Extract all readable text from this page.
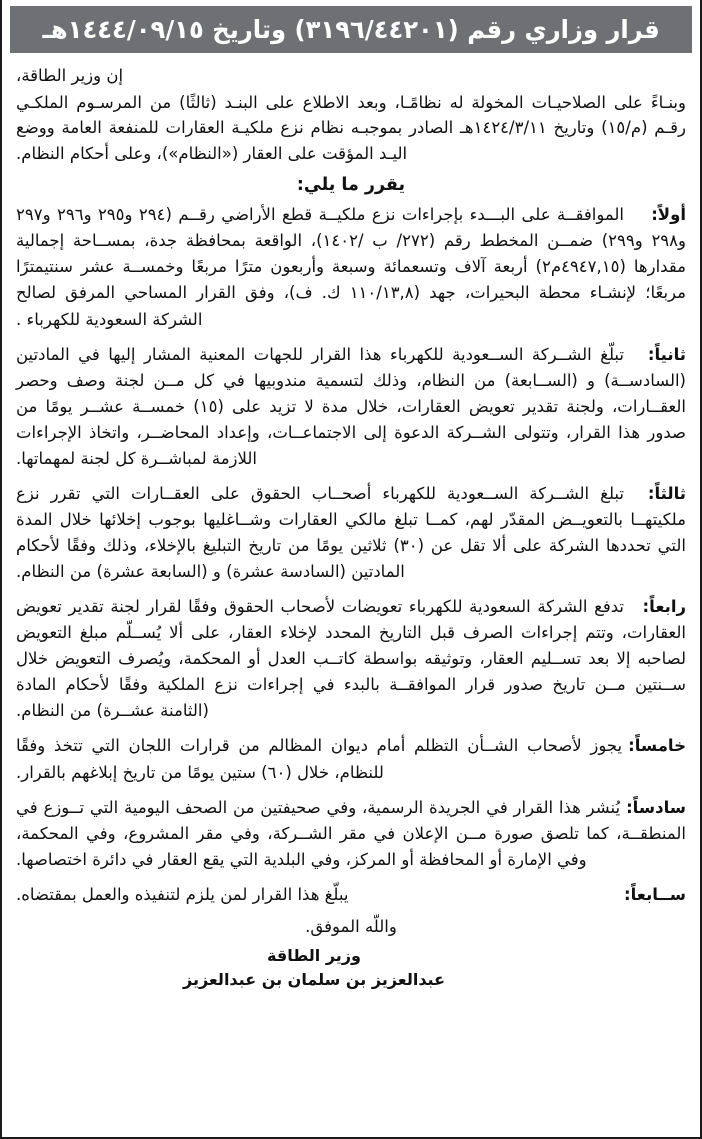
قرار وزاري رقم (٣١٩٦/٤٤٢٠١) وتاريخ ١٤٤٤/٠٩/١٥هـ

إن وزير الطاقة،

وبنـاءً على الصلاحيـات المخولة له نظامًـا، وبعد الاطلاع على البنـد (ثالثًا) من المرسـوم الملكـي رقـم (م/١٥) وتاريخ ١٤٢٤/٣/١١هـ الصادر بموجبـه نظام نزع ملكيـة العقارات للمنفعة العامة ووضع اليـد المؤقت على العقار («النظام»)، وعلى أحكام النظام.

يقرر ما يلي:
أولاً:
الموافقــة على البـــدء بإجراءات نزع ملكيــة قطع الأراضي رقــم (٢٩٤ و٢٩٥ و٢٩٦ و٢٩٧ و٢٩٨ و٢٩٩) ضمــن المخطط رقم (٢٧٢/ ب /١٤٠٢)، الواقعة بمحافظة جدة، بمســاحة إجمالية مقدارها (٤٩٤٧,١٥م٢) أربعة آلاف وتسعمائة وسبعة وأربعون مترًا مربعًا وخمســة عشر سنتيمترًا مربعًا؛ لإنشـاء محطة البحيرات، جهد (١١٠/١٣,٨ ك. ف)، وفق القرار المساحي المرفق لصالح الشركة السعودية للكهرباء .
ثانياً:
تبلّغ الشــركة الســعودية للكهرباء هذا القرار للجهات المعنية المشار إليها في المادتين (السادســة) و (الســابعة) من النظام، وذلك لتسمية مندوبيها في كل مــن لجنة وصف وحصر العقــارات، ولجنة تقدير تعويض العقارات، خلال مدة لا تزيد على (١٥) خمســة عشــر يومًا من صدور هذا القرار، وتتولى الشــركة الدعوة إلى الاجتماعــات، وإعداد المحاضــر، واتخاذ الإجراءات اللازمة لمباشــرة كل لجنة لمهماتها.
ثالثاً:
تبلغ الشــركة الســعودية للكهرباء أصحــاب الحقوق على العقــارات التي تقرر نزع ملكيتهــا بالتعويــض المقدّر لهم، كمــا تبلغ مالكي العقارات وشــاغليها بوجوب إخلائها خلال المدة التي تحددها الشركة على ألا تقل عن (٣٠) ثلاثين يومًا من تاريخ التبليغ بالإخلاء، وذلك وفقًا لأحكام المادتين (السادسة عشرة) و (السابعة عشرة) من النظام.
رابعاً:
تدفع الشركة السعودية للكهرباء تعويضات لأصحاب الحقوق وفقًا لقرار لجنة تقدير تعويض العقارات، وتتم إجراءات الصرف قبل التاريخ المحدد لإخلاء العقار، على ألا يُســلّم مبلغ التعويض لصاحبه إلا بعد تســليم العقار، وتوثيقه بواسطة كاتــب العدل أو المحكمة، ويُصرف التعويض خلال ســنتين مــن تاريخ صدور قرار الموافقــة بالبدء في إجراءات نزع الملكية وفقًا لأحكام المادة (الثامنة عشــرة) من النظام.
خامساً:
يجوز لأصحاب الشــأن التظلم أمام ديوان المظالم من قرارات اللجان التي تتخذ وفقًا للنظام، خلال (٦٠) ستين يومًا من تاريخ إبلاغهم بالقرار.
سادساً:
يُنشر هذا القرار في الجريدة الرسمية، وفي صحيفتين من الصحف اليومية التي تــوزع في المنطقــة، كما تلصق صورة مــن الإعلان في مقر الشــركة، وفي مقر المشروع، وفي المحكمة، وفي الإمارة أو المحافظة أو المركز، وفي البلدية التي يقع العقار في دائرة اختصاصها.
ســابعاً:
يبلّغ هذا القرار لمن يلزم لتنفيذه والعمل بمقتضاه.
واللّه الموفق.
وزير الطاقة
عبدالعزيز بن سلمان بن عبدالعزيز
